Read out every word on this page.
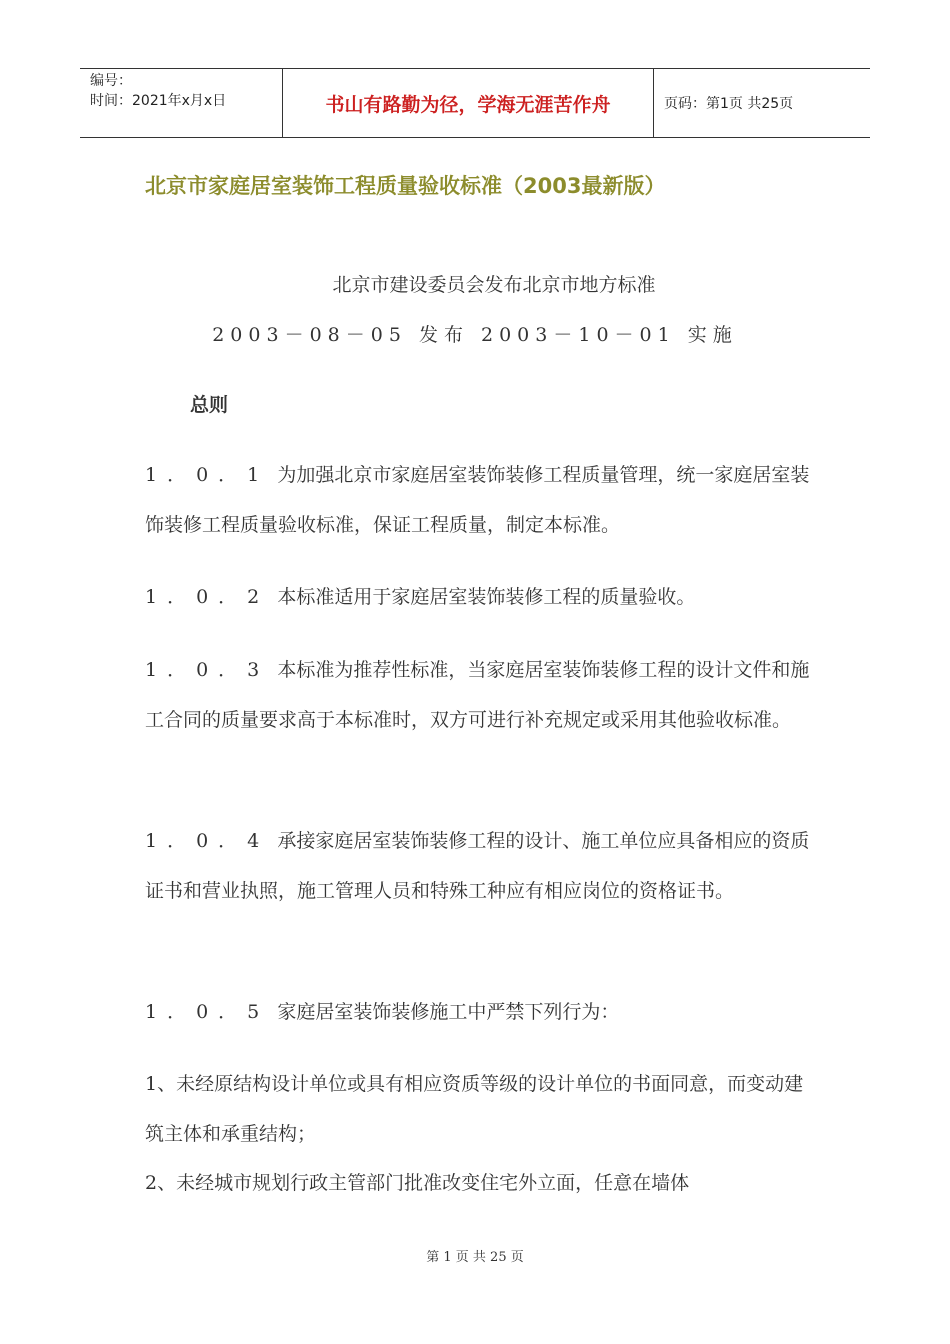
编号：
时间：2021年x月x日	书山有路勤为径，学海无涯苦作舟	页码：第1页 共25页
北京市家庭居室装饰工程质量验收标准（2003最新版）
北京市建设委员会发布北京市地方标准
2003－08－05 发布 2003－10－01 实施
总则
1．0．1 为加强北京市家庭居室装饰装修工程质量管理，统一家庭居室装饰装修工程质量验收标准，保证工程质量，制定本标准。
1．0．2 本标准适用于家庭居室装饰装修工程的质量验收。
1．0．3 本标准为推荐性标准，当家庭居室装饰装修工程的设计文件和施工合同的质量要求高于本标准时，双方可进行补充规定或采用其他验收标准。
1．0．4 承接家庭居室装饰装修工程的设计、施工单位应具备相应的资质证书和营业执照，施工管理人员和特殊工种应有相应岗位的资格证书。
1．0．5 家庭居室装饰装修施工中严禁下列行为：
1、未经原结构设计单位或具有相应资质等级的设计单位的书面同意，而变动建筑主体和承重结构；
2、未经城市规划行政主管部门批准改变住宅外立面，任意在墙体
第 1 页 共 25 页
